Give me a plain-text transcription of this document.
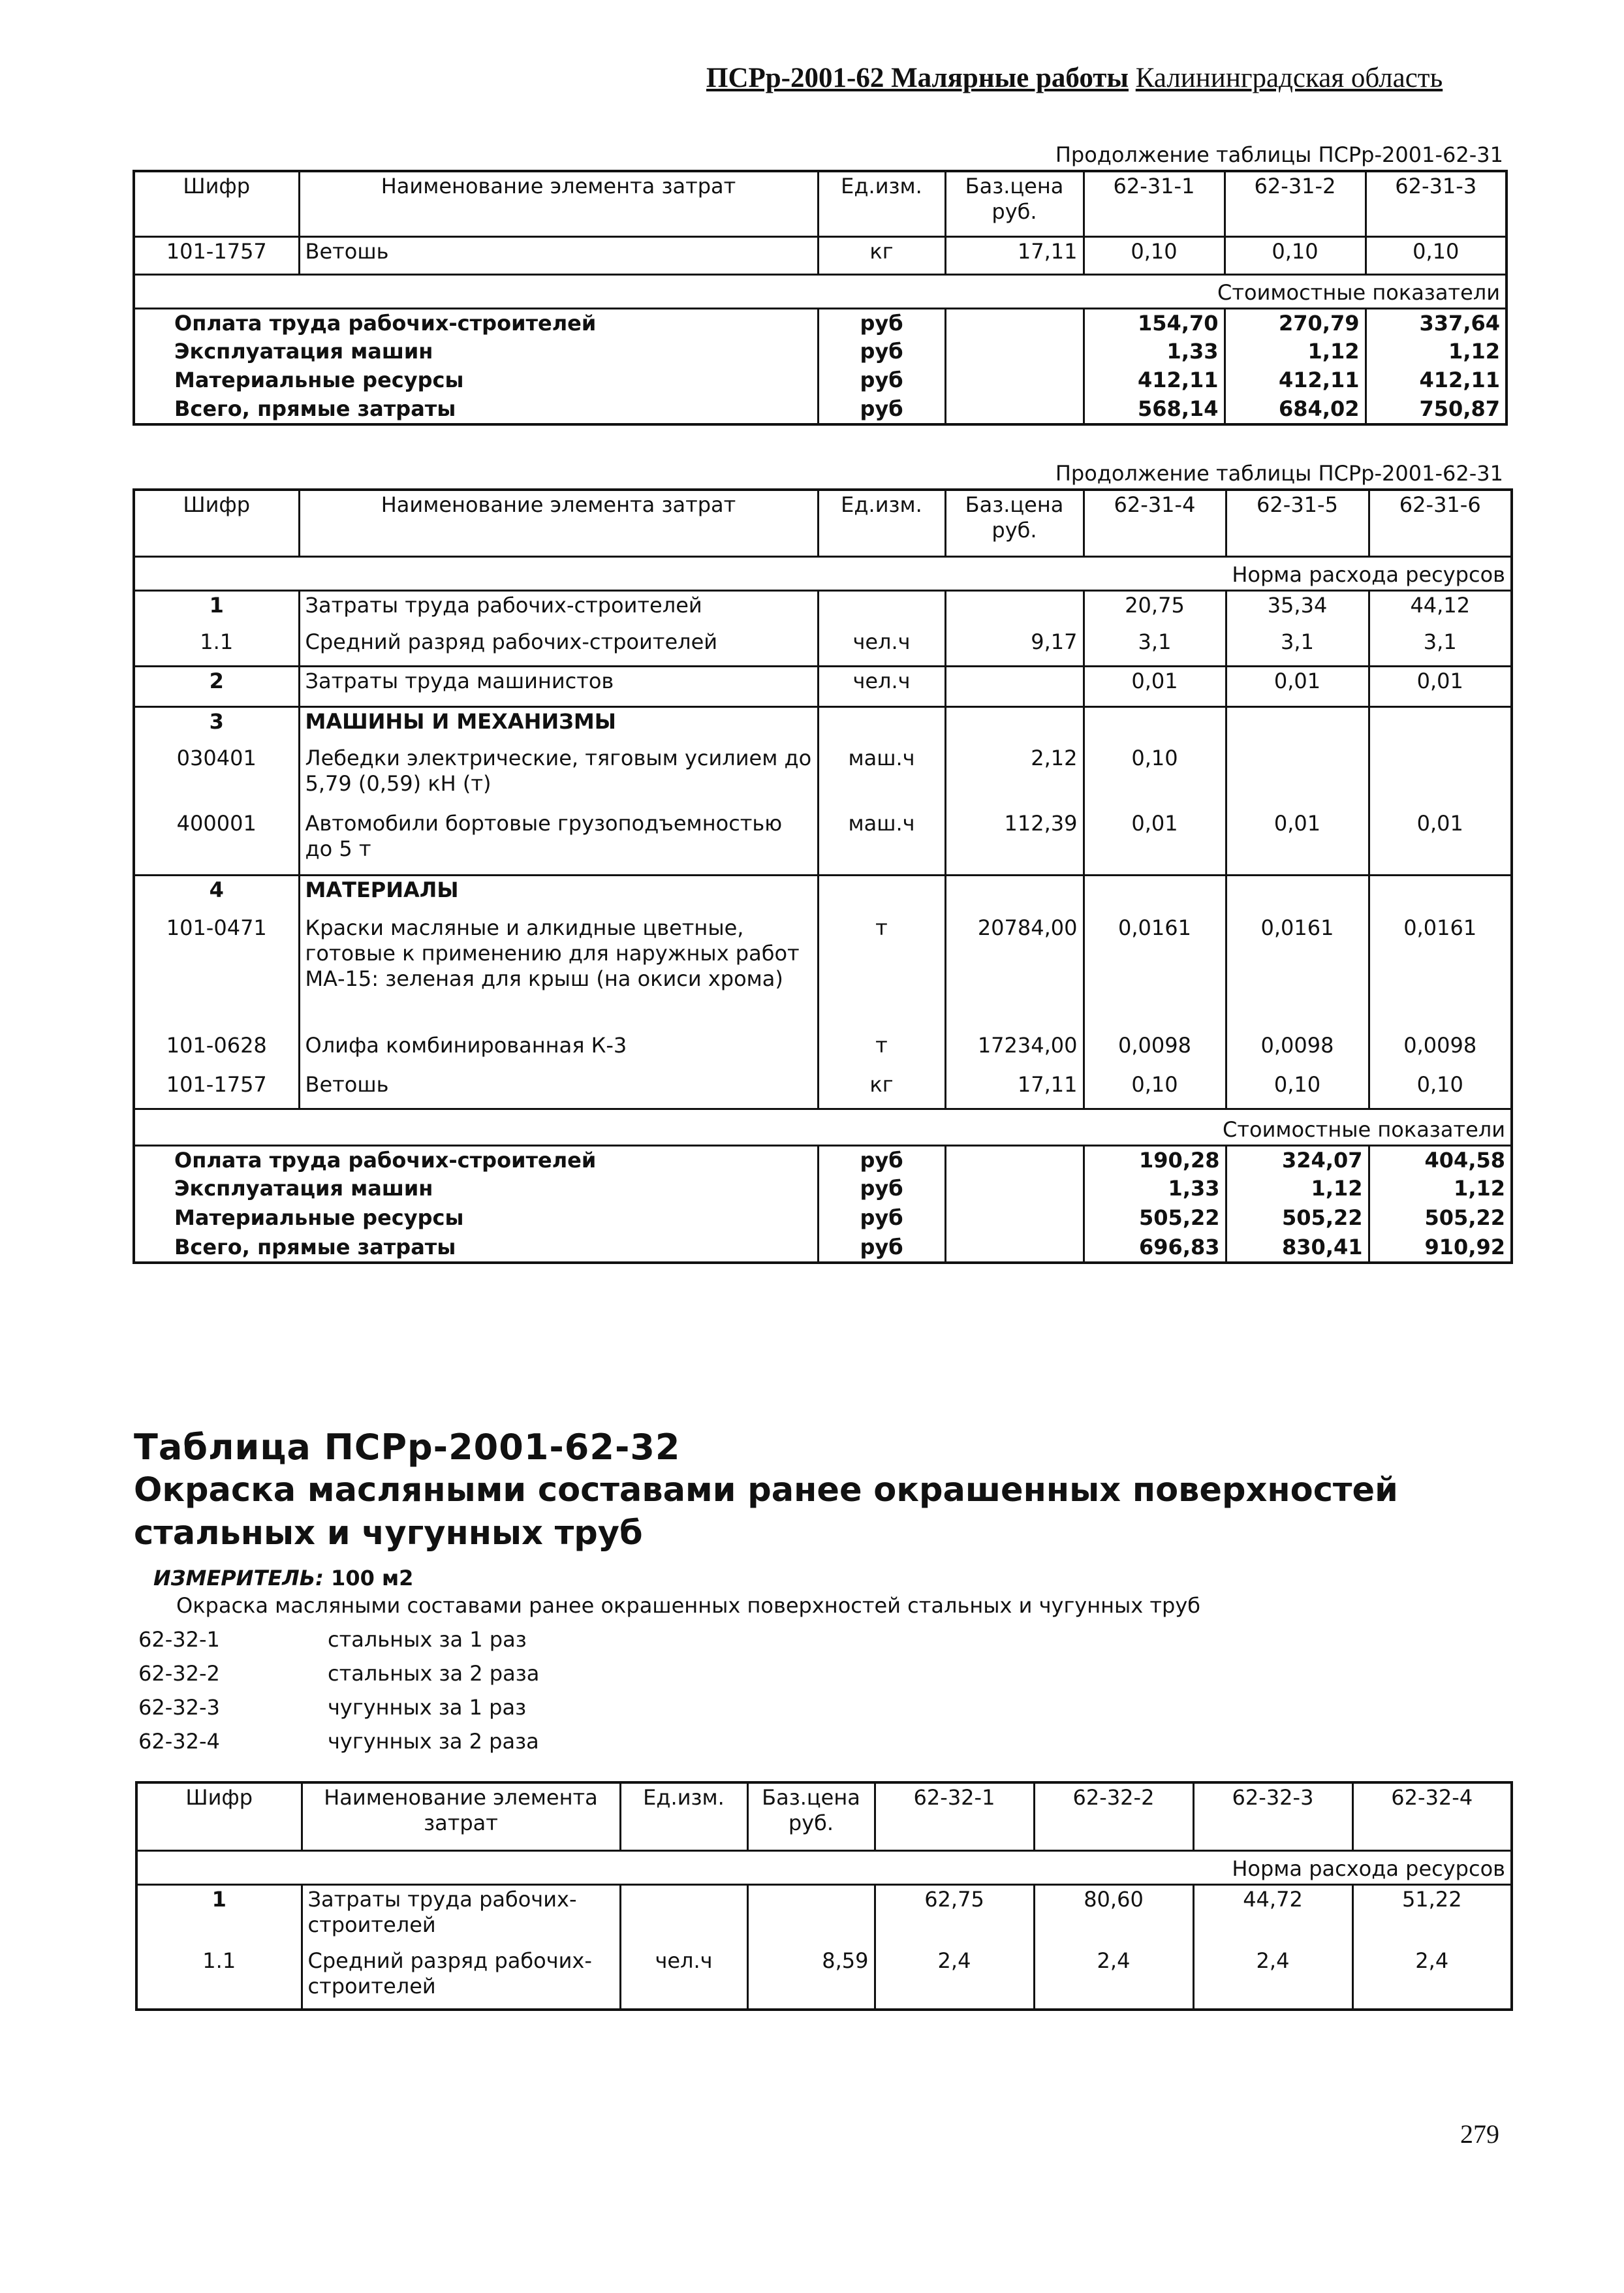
ПСРр-2001-62 Малярные работы Калининградская область
Продолжение таблицы ПСРр-2001-62-31
Шифр	Наименование элемента затрат	Ед.изм.	Баз.цена руб.	62-31-1	62-31-2	62-31-3
101-1757	Ветошь	кг	17,11	0,10	0,10	0,10
Стоимостные показатели						
Оплата труда рабочих-строителей		руб		154,70	270,79	337,64
Эксплуатация машин		руб		1,33	1,12	1,12
Материальные ресурсы		руб		412,11	412,11	412,11
Всего, прямые затраты		руб		568,14	684,02	750,87
Продолжение таблицы ПСРр-2001-62-31
Шифр	Наименование элемента затрат	Ед.изм.	Баз.цена руб.	62-31-4	62-31-5	62-31-6
Норма расхода ресурсов						
1	Затраты труда рабочих-строителей			20,75	35,34	44,12
1.1	Средний разряд рабочих-строителей	чел.ч	9,17	3,1	3,1	3,1
2	Затраты труда машинистов	чел.ч		0,01	0,01	0,01
3	МАШИНЫ И МЕХАНИЗМЫ					
030401	Лебедки электрические, тяговым усилием до 5,79 (0,59) кН (т)	маш.ч	2,12	0,10		
400001	Автомобили бортовые грузоподъемностью до 5 т	маш.ч	112,39	0,01	0,01	0,01
4	МАТЕРИАЛЫ					
101-0471	Краски масляные и алкидные цветные, готовые к применению для наружных работ МА-15: зеленая для крыш (на окиси хрома)	т	20784,00	0,0161	0,0161	0,0161
101-0628	Олифа комбинированная К-3	т	17234,00	0,0098	0,0098	0,0098
101-1757	Ветошь	кг	17,11	0,10	0,10	0,10
Стоимостные показатели						
Оплата труда рабочих-строителей		руб		190,28	324,07	404,58
Эксплуатация машин		руб		1,33	1,12	1,12
Материальные ресурсы		руб		505,22	505,22	505,22
Всего, прямые затраты		руб		696,83	830,41	910,92
Таблица ПСРр-2001-62-32
Окраска масляными составами ранее окрашенных поверхностей стальных и чугунных труб
ИЗМЕРИТЕЛЬ: 100 м2
Окраска масляными составами ранее окрашенных поверхностей стальных и чугунных труб
62-32-1	стальных за 1 раз
62-32-2	стальных за 2 раза
62-32-3	чугунных за 1 раз
62-32-4	чугунных за 2 раза
Шифр	Наименование элемента затрат	Ед.изм.	Баз.цена руб.	62-32-1	62-32-2	62-32-3	62-32-4
Норма расхода ресурсов							
1	Затраты труда рабочих-строителей			62,75	80,60	44,72	51,22
1.1	Средний разряд рабочих-строителей	чел.ч	8,59	2,4	2,4	2,4	2,4
279
